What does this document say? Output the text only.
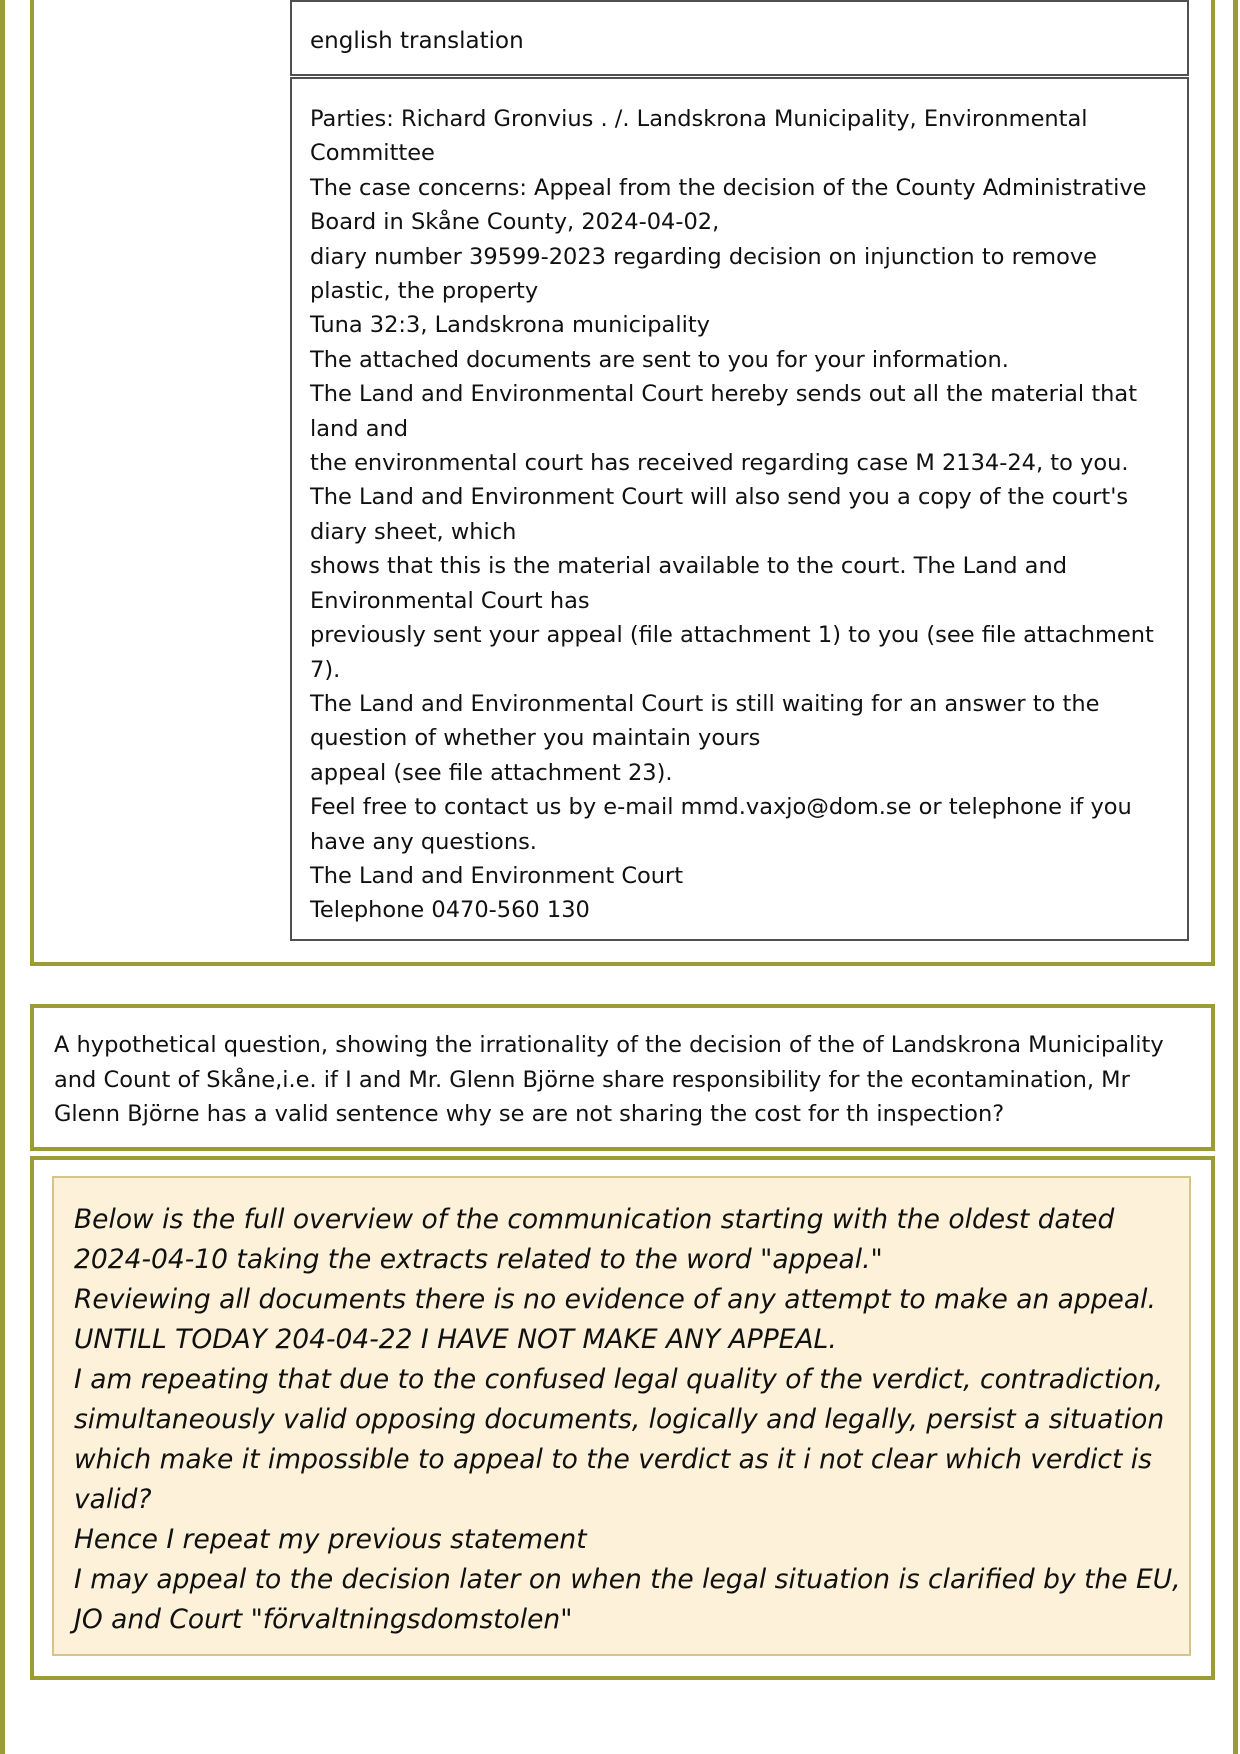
english translation
Parties: Richard Gronvius . /. Landskrona Municipality, Environmental
Committee
The case concerns: Appeal from the decision of the County Administrative
Board in Skåne County, 2024-04-02,
diary number 39599-2023 regarding decision on injunction to remove
plastic, the property
Tuna 32:3, Landskrona municipality
The attached documents are sent to you for your information.
The Land and Environmental Court hereby sends out all the material that
land and
the environmental court has received regarding case M 2134-24, to you.
The Land and Environment Court will also send you a copy of the court's
diary sheet, which
shows that this is the material available to the court. The Land and
Environmental Court has
previously sent your appeal (file attachment 1) to you (see file attachment
7).
The Land and Environmental Court is still waiting for an answer to the
question of whether you maintain yours
appeal (see file attachment 23).
Feel free to contact us by e-mail mmd.vaxjo@dom.se or telephone if you
have any questions.
The Land and Environment Court
Telephone 0470-560 130
A hypothetical question, showing the irrationality of the decision of the of Landskrona Municipality
and Count of Skåne,i.e. if I and Mr. Glenn Björne share responsibility for the econtamination, Mr
Glenn Björne has a valid sentence why se are not sharing the cost for th inspection?
Below is the full overview of the communication starting with the oldest dated
2024-04-10 taking the extracts related to the word "appeal."
Reviewing all documents there is no evidence of any attempt to make an appeal.
UNTILL TODAY 204-04-22 I HAVE NOT MAKE ANY APPEAL.
I am repeating that due to the confused legal quality of the verdict, contradiction,
simultaneously valid opposing documents, logically and legally, persist a situation
which make it impossible to appeal to the verdict as it i not clear which verdict is
valid?
Hence I repeat my previous statement
I may appeal to the decision later on when the legal situation is clarified by the EU,
JO and Court "förvaltningsdomstolen"
